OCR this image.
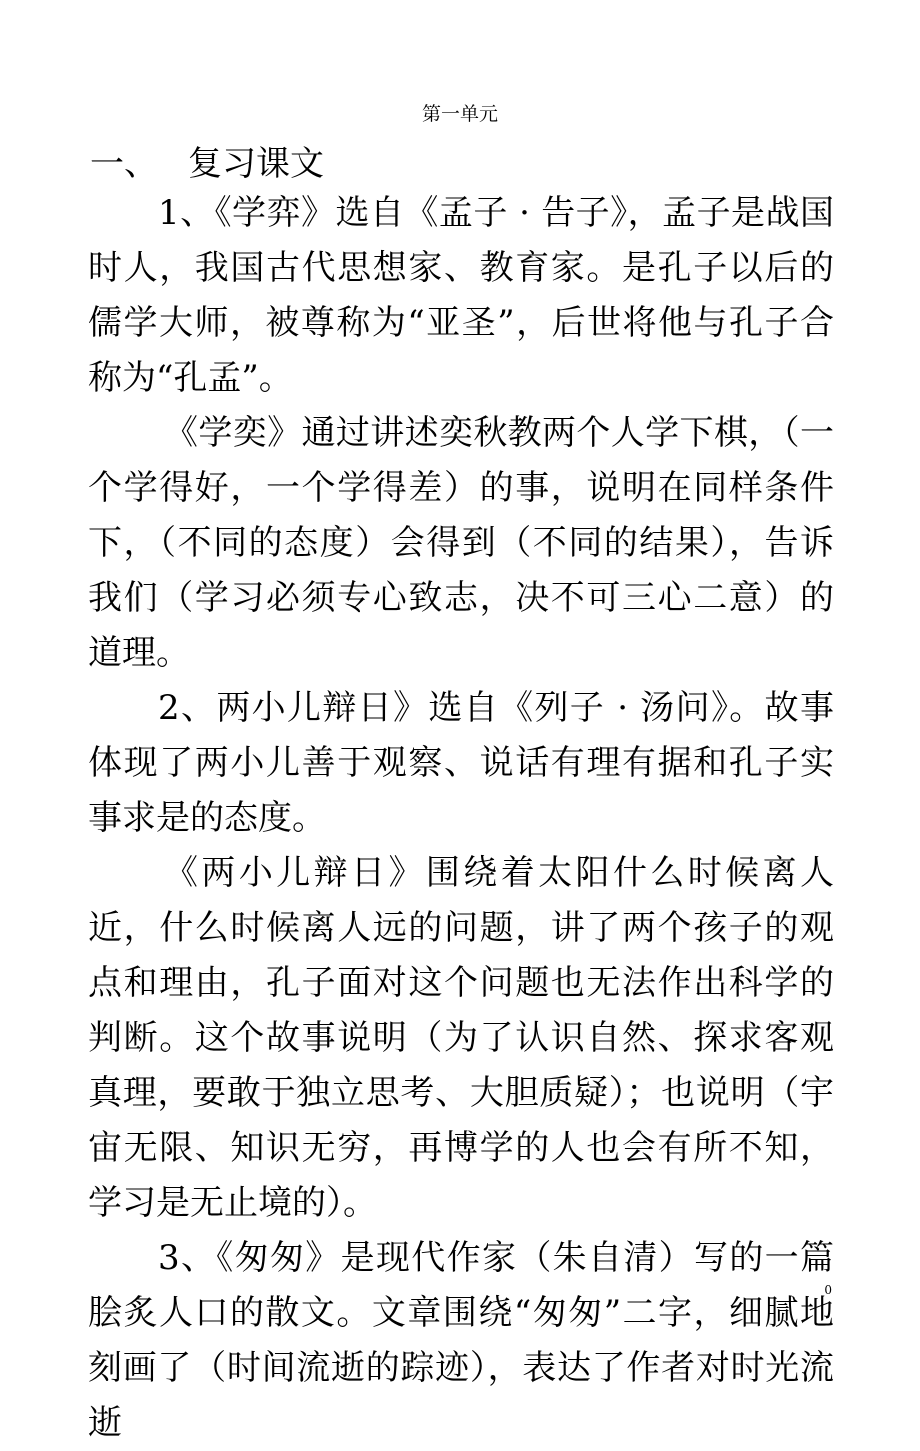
第一单元
一、 复习课文

1、《学弈》选自《孟子 · 告子》，孟子是战国时人，我国古代思想家、教育家。是孔子以后的儒学大师，被尊称为“亚圣”，后世将他与孔子合称为“孔孟”。

《学奕》通过讲述奕秋教两个人学下棋，（一个学得好，一个学得差）的事，说明在同样条件下，（不同的态度）会得到（不同的结果），告诉我们（学习必须专心致志，决不可三心二意）的道理。

2、两小儿辩日》选自《列子 · 汤问》。故事体现了两小儿善于观察、说话有理有据和孔子实事求是的态度。

《两小儿辩日》围绕着太阳什么时候离人近，什么时候离人远的问题，讲了两个孩子的观点和理由，孔子面对这个问题也无法作出科学的判断。这个故事说明（为了认识自然、探求客观真理，要敢于独立思考、大胆质疑）；也说明（宇宙无限、知识无穷，再博学的人也会有所不知，学习是无止境的）。

3、《匆匆》是现代作家（朱自清）写的一篇脍炙人口的散文。文章围绕“匆匆”二字，细腻地刻画了（时间流逝的踪迹），表达了作者对时光流逝

0
